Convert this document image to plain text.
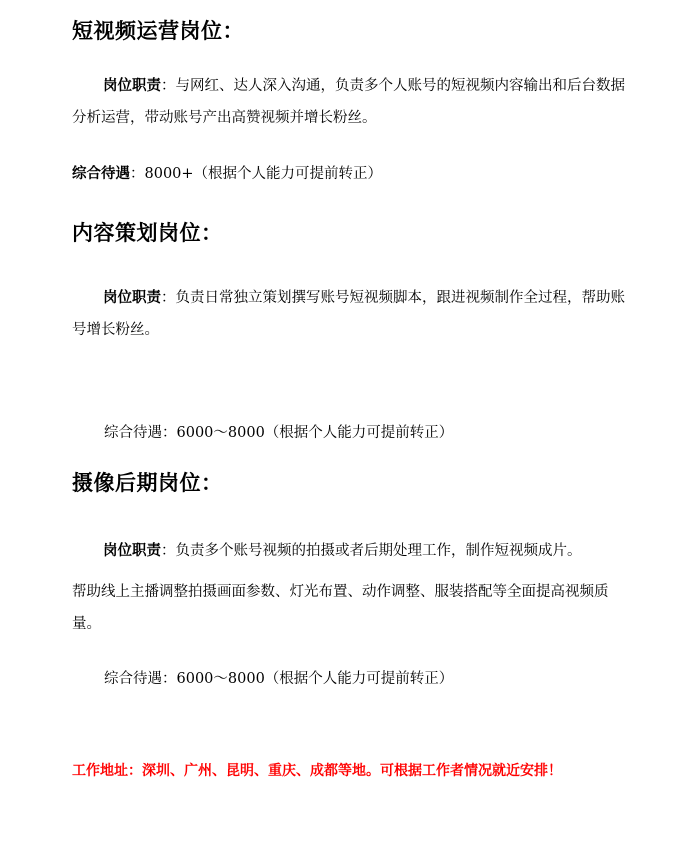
短视频运营岗位：
岗位职责：与网红、达人深入沟通，负责多个人账号的短视频内容输出和后台数据分析运营，带动账号产出高赞视频并增长粉丝。
综合待遇：8000+（根据个人能力可提前转正）
内容策划岗位：
岗位职责：负责日常独立策划撰写账号短视频脚本，跟进视频制作全过程，帮助账号增长粉丝。
综合待遇：6000～8000（根据个人能力可提前转正）
摄像后期岗位：
岗位职责：负责多个账号视频的拍摄或者后期处理工作，制作短视频成片。
帮助线上主播调整拍摄画面参数、灯光布置、动作调整、服装搭配等全面提高视频质量。
综合待遇：6000～8000（根据个人能力可提前转正）
工作地址：深圳、广州、昆明、重庆、成都等地。可根据工作者情况就近安排！
